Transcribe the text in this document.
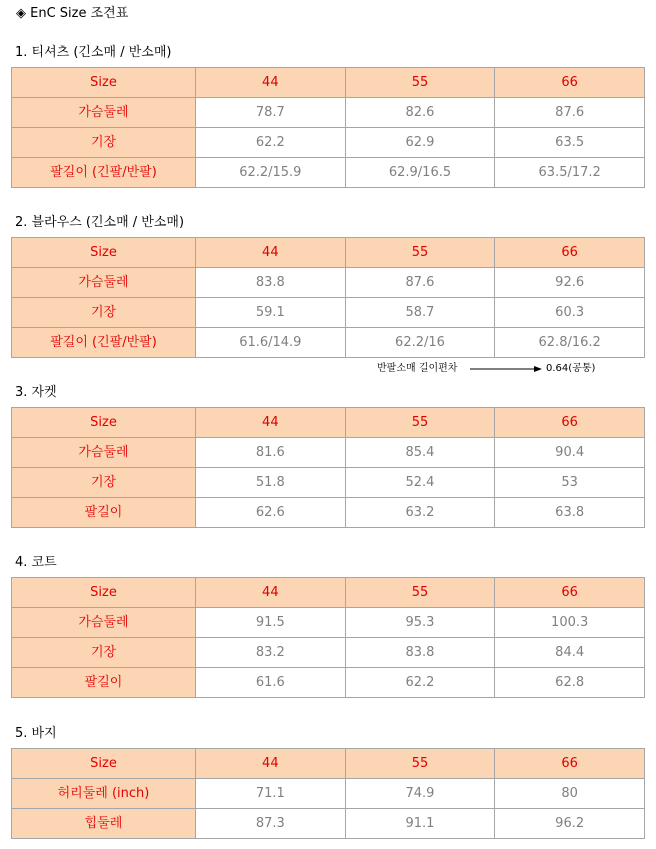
◈ EnC Size 조견표
1. 티셔츠 (긴소매 / 반소매)
Size	44	55	66
가슴둘레	78.7	82.6	87.6
기장	62.2	62.9	63.5
팔길이 (긴팔/반팔)	62.2/15.9	62.9/16.5	63.5/17.2
2. 블라우스 (긴소매 / 반소매)
Size	44	55	66
가슴둘레	83.8	87.6	92.6
기장	59.1	58.7	60.3
팔길이 (긴팔/반팔)	61.6/14.9	62.2/16	62.8/16.2
반팔소매 길이편차	0.64(공통)
3. 자켓
Size	44	55	66
가슴둘레	81.6	85.4	90.4
기장	51.8	52.4	53
팔길이	62.6	63.2	63.8
4. 코트
Size	44	55	66
가슴둘레	91.5	95.3	100.3
기장	83.2	83.8	84.4
팔길이	61.6	62.2	62.8
5. 바지
Size	44	55	66
허리둘레 (inch)	71.1	74.9	80
힙둘레	87.3	91.1	96.2
